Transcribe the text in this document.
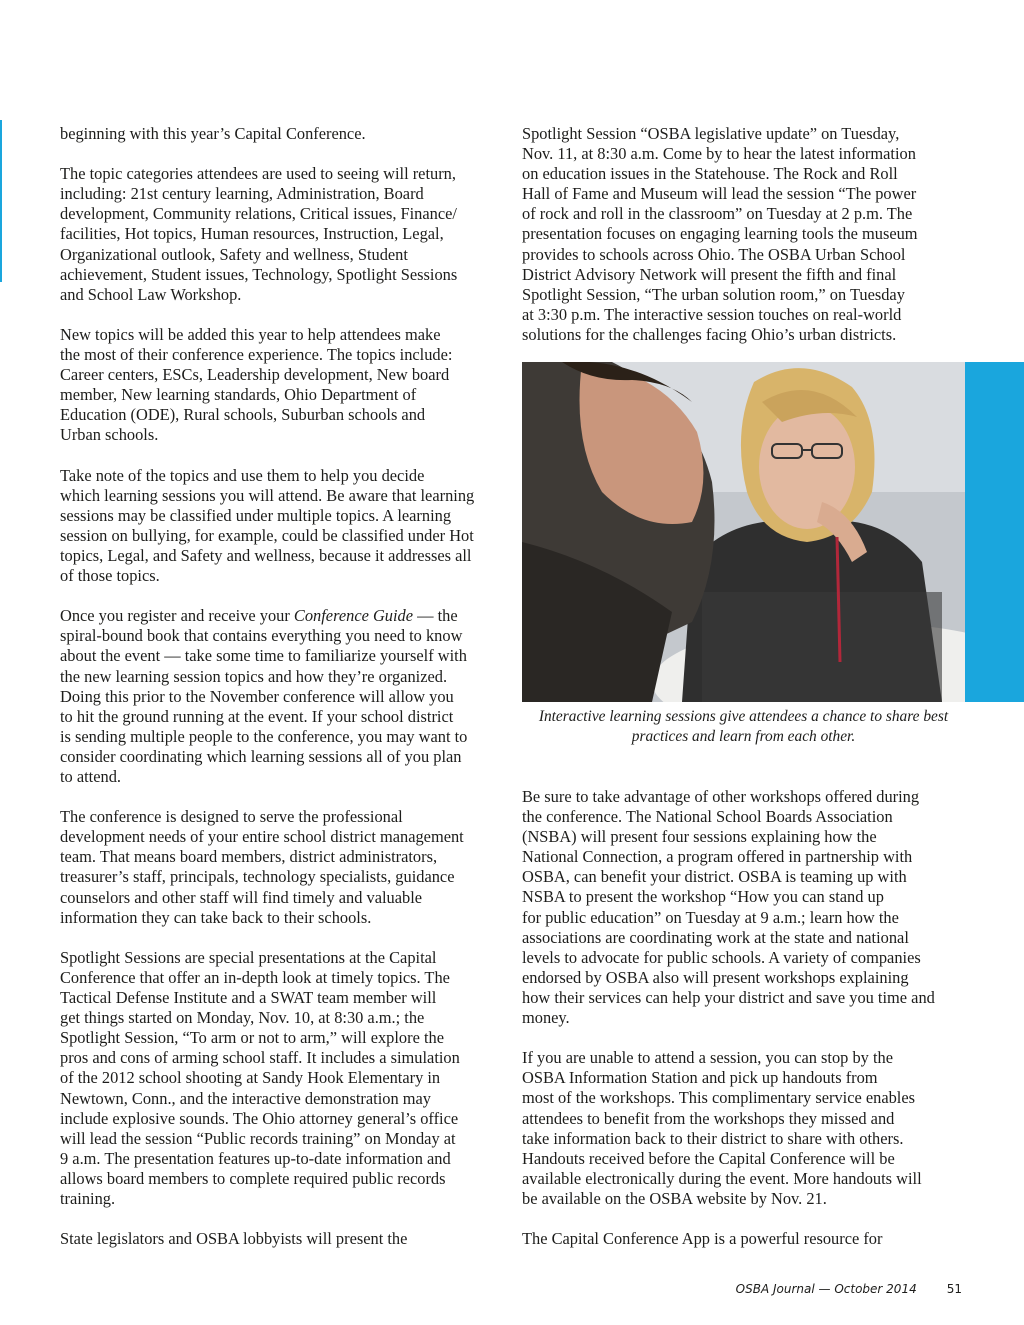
beginning with this year’s Capital Conference.

The topic categories attendees are used to seeing will return,
including: 21st century learning, Administration, Board
development, Community relations, Critical issues, Finance/
facilities, Hot topics, Human resources, Instruction, Legal,
Organizational outlook, Safety and wellness, Student
achievement, Student issues, Technology, Spotlight Sessions
and School Law Workshop.

New topics will be added this year to help attendees make
the most of their conference experience. The topics include:
Career centers, ESCs, Leadership development, New board
member, New learning standards, Ohio Department of
Education (ODE), Rural schools, Suburban schools and
Urban schools.

Take note of the topics and use them to help you decide
which learning sessions you will attend. Be aware that learning
sessions may be classified under multiple topics. A learning
session on bullying, for example, could be classified under Hot
topics, Legal, and Safety and wellness, because it addresses all
of those topics.

Once you register and receive your Conference Guide — the
spiral-bound book that contains everything you need to know
about the event — take some time to familiarize yourself with
the new learning session topics and how they’re organized.
Doing this prior to the November conference will allow you
to hit the ground running at the event. If your school district
is sending multiple people to the conference, you may want to
consider coordinating which learning sessions all of you plan
to attend.

The conference is designed to serve the professional
development needs of your entire school district management
team. That means board members, district administrators,
treasurer’s staff, principals, technology specialists, guidance
counselors and other staff will find timely and valuable
information they can take back to their schools.

Spotlight Sessions are special presentations at the Capital
Conference that offer an in-depth look at timely topics. The
Tactical Defense Institute and a SWAT team member will
get things started on Monday, Nov. 10, at 8:30 a.m.; the
Spotlight Session, “To arm or not to arm,” will explore the
pros and cons of arming school staff. It includes a simulation
of the 2012 school shooting at Sandy Hook Elementary in
Newtown, Conn., and the interactive demonstration may
include explosive sounds. The Ohio attorney general’s office
will lead the session “Public records training” on Monday at
9 a.m. The presentation features up-to-date information and
allows board members to complete required public records
training.

State legislators and OSBA lobbyists will present the

Spotlight Session “OSBA legislative update” on Tuesday,
Nov. 11, at 8:30 a.m. Come by to hear the latest information
on education issues in the Statehouse. The Rock and Roll
Hall of Fame and Museum will lead the session “The power
of rock and roll in the classroom” on Tuesday at 2 p.m. The
presentation focuses on engaging learning tools the museum
provides to schools across Ohio. The OSBA Urban School
District Advisory Network will present the fifth and final
Spotlight Session, “The urban solution room,” on Tuesday
at 3:30 p.m. The interactive session touches on real-world
solutions for the challenges facing Ohio’s urban districts.

Interactive learning sessions give attendees a chance to share best
practices and learn from each other.

Be sure to take advantage of other workshops offered during
the conference. The National School Boards Association
(NSBA) will present four sessions explaining how the
National Connection, a program offered in partnership with
OSBA, can benefit your district. OSBA is teaming up with
NSBA to present the workshop “How you can stand up
for public education” on Tuesday at 9 a.m.; learn how the
associations are coordinating work at the state and national
levels to advocate for public schools. A variety of companies
endorsed by OSBA also will present workshops explaining
how their services can help your district and save you time and
money.

If you are unable to attend a session, you can stop by the
OSBA Information Station and pick up handouts from
most of the workshops. This complimentary service enables
attendees to benefit from the workshops they missed and
take information back to their district to share with others.
Handouts received before the Capital Conference will be
available electronically during the event. More handouts will
be available on the OSBA website by Nov. 21.

The Capital Conference App is a powerful resource for

OSBA Journal — October 2014	51
